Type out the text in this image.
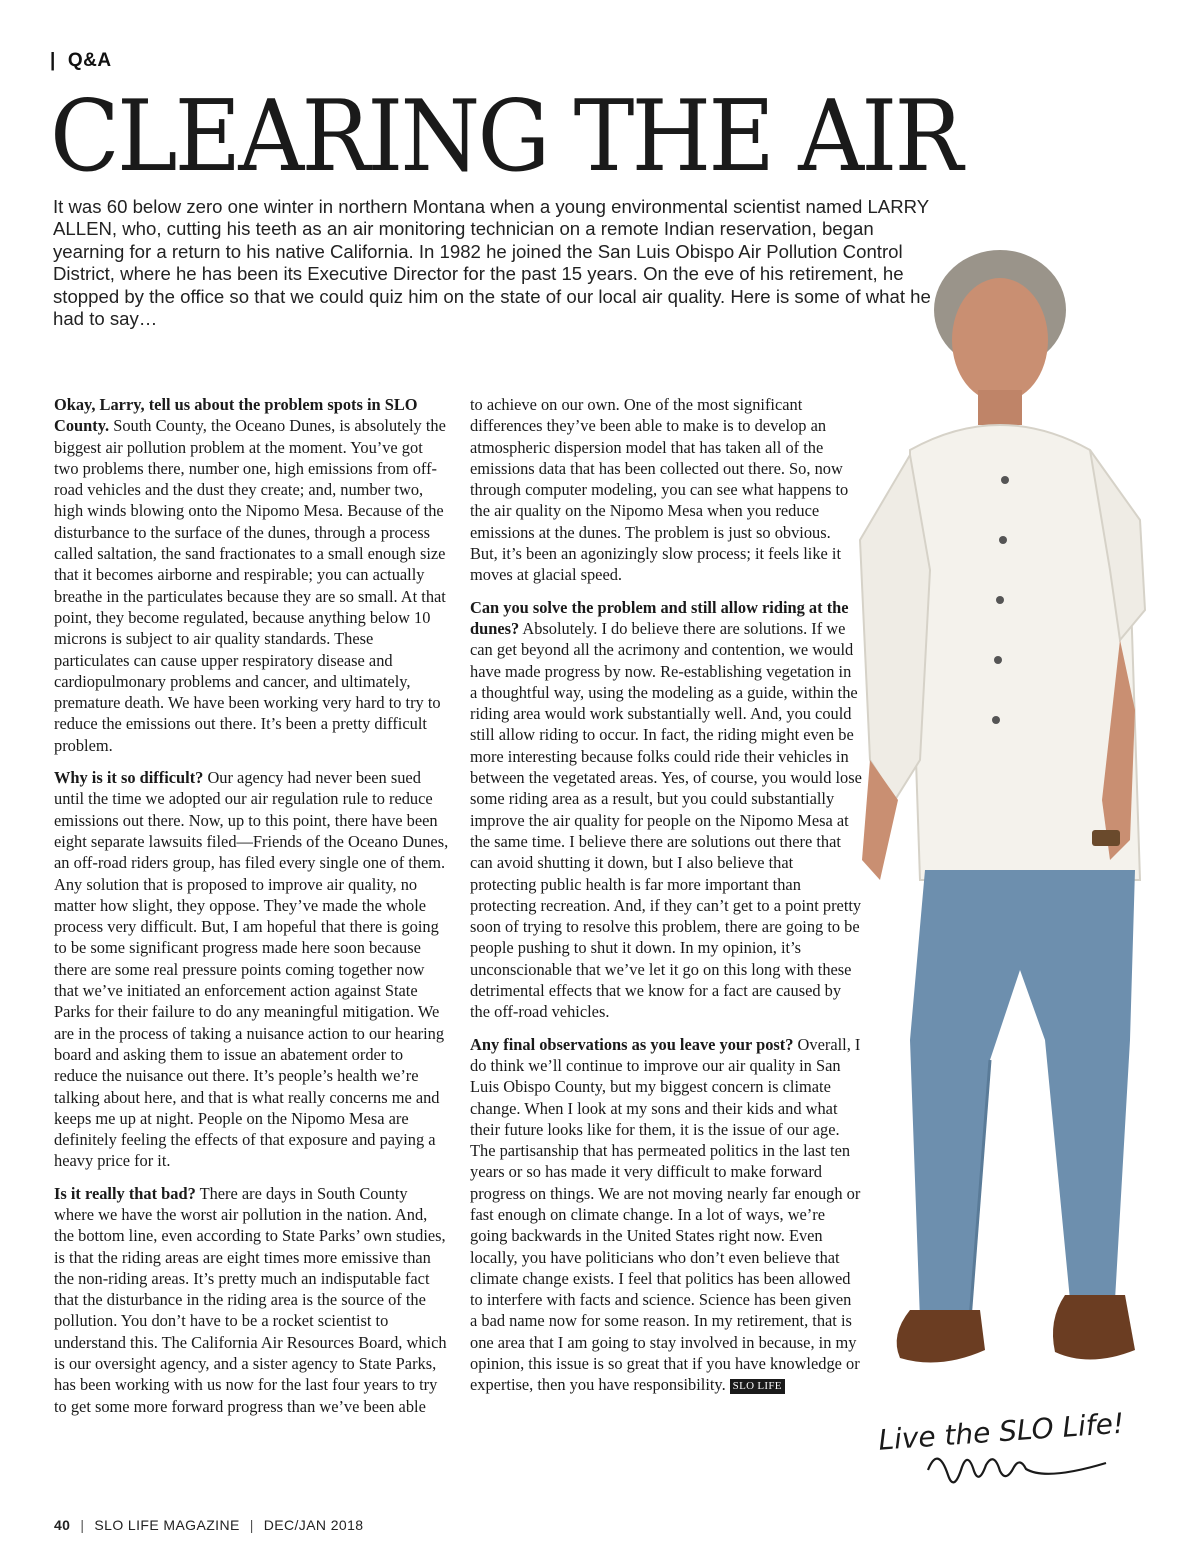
| Q&A
CLEARING THE AIR

It was 60 below zero one winter in northern Montana when a young environmental scientist named LARRY ALLEN, who, cutting his teeth as an air monitoring technician on a remote Indian reservation, began yearning for a return to his native California. In 1982 he joined the San Luis Obispo Air Pollution Control District, where he has been its Executive Director for the past 15 years. On the eve of his retirement, he stopped by the office so that we could quiz him on the state of our local air quality. Here is some of what he had to say…

Okay, Larry, tell us about the problem spots in SLO County. South County, the Oceano Dunes, is absolutely the biggest air pollution problem at the moment. You’ve got two problems there, number one, high emissions from off-road vehicles and the dust they create; and, number two, high winds blowing onto the Nipomo Mesa. Because of the disturbance to the surface of the dunes, through a process called saltation, the sand fractionates to a small enough size that it becomes airborne and respirable; you can actually breathe in the particulates because they are so small. At that point, they become regulated, because anything below 10 microns is subject to air quality standards. These particulates can cause upper respiratory disease and cardiopulmonary problems and cancer, and ultimately, premature death. We have been working very hard to try to reduce the emissions out there. It’s been a pretty difficult problem.

Why is it so difficult? Our agency had never been sued until the time we adopted our air regulation rule to reduce emissions out there. Now, up to this point, there have been eight separate lawsuits filed—Friends of the Oceano Dunes, an off-road riders group, has filed every single one of them. Any solution that is proposed to improve air quality, no matter how slight, they oppose. They’ve made the whole process very difficult. But, I am hopeful that there is going to be some significant progress made here soon because there are some real pressure points coming together now that we’ve initiated an enforcement action against State Parks for their failure to do any meaningful mitigation. We are in the process of taking a nuisance action to our hearing board and asking them to issue an abatement order to reduce the nuisance out there. It’s people’s health we’re talking about here, and that is what really concerns me and keeps me up at night. People on the Nipomo Mesa are definitely feeling the effects of that exposure and paying a heavy price for it.

Is it really that bad? There are days in South County where we have the worst air pollution in the nation. And, the bottom line, even according to State Parks’ own studies, is that the riding areas are eight times more emissive than the non-riding areas. It’s pretty much an indisputable fact that the disturbance in the riding area is the source of the pollution. You don’t have to be a rocket scientist to understand this. The California Air Resources Board, which is our oversight agency, and a sister agency to State Parks, has been working with us now for the last four years to try to get some more forward progress than we’ve been able

to achieve on our own. One of the most significant differences they’ve been able to make is to develop an atmospheric dispersion model that has taken all of the emissions data that has been collected out there. So, now through computer modeling, you can see what happens to the air quality on the Nipomo Mesa when you reduce emissions at the dunes. The problem is just so obvious. But, it’s been an agonizingly slow process; it feels like it moves at glacial speed.

Can you solve the problem and still allow riding at the dunes? Absolutely. I do believe there are solutions. If we can get beyond all the acrimony and contention, we would have made progress by now. Re-establishing vegetation in a thoughtful way, using the modeling as a guide, within the riding area would work substantially well. And, you could still allow riding to occur. In fact, the riding might even be more interesting because folks could ride their vehicles in between the vegetated areas. Yes, of course, you would lose some riding area as a result, but you could substantially improve the air quality for people on the Nipomo Mesa at the same time. I believe there are solutions out there that can avoid shutting it down, but I also believe that protecting public health is far more important than protecting recreation. And, if they can’t get to a point pretty soon of trying to resolve this problem, there are going to be people pushing to shut it down. In my opinion, it’s unconscionable that we’ve let it go on this long with these detrimental effects that we know for a fact are caused by the off-road vehicles.

Any final observations as you leave your post? Overall, I do think we’ll continue to improve our air quality in San Luis Obispo County, but my biggest concern is climate change. When I look at my sons and their kids and what their future looks like for them, it is the issue of our age. The partisanship that has permeated politics in the last ten years or so has made it very difficult to make forward progress on things. We are not moving nearly far enough or fast enough on climate change. In a lot of ways, we’re going backwards in the United States right now. Even locally, you have politicians who don’t even believe that climate change exists. I feel that politics has been allowed to interfere with facts and science. Science has been given a bad name now for some reason. In my retirement, that is one area that I am going to stay involved in because, in my opinion, this issue is so great that if you have knowledge or expertise, then you have responsibility. SLO LIFE

Live the SLO Life!
40 | SLO LIFE MAGAZINE | DEC/JAN 2018
